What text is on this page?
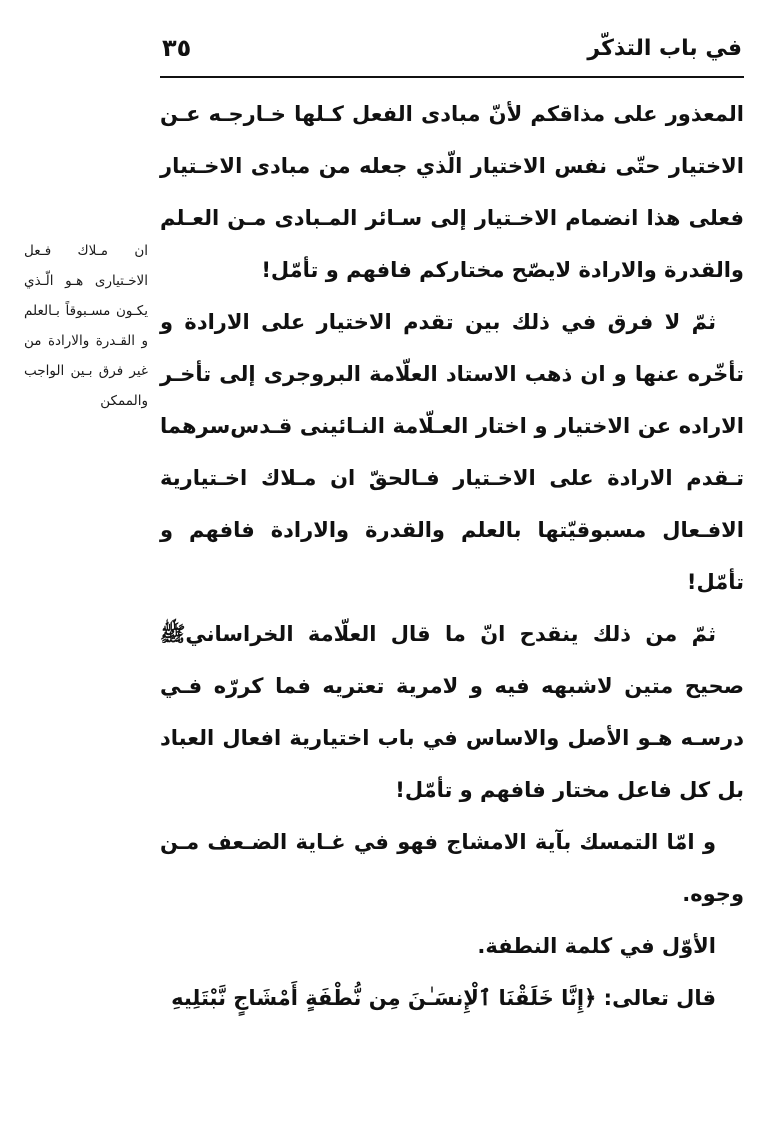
في باب التذكّر
٣٥
ان مـلاك فـعل الاخـتياری هـو الّـذي يكـون مسـبوقاً بـالعلم و القـدرة والارادة من غير فرق بـين الواجب والممكن

المعذور على مذاقكم لأنّ مبادى الفعل كـلها خـارجـه عـن الاختيار حتّى نفس الاختيار الّذي جعله من مبادى الاخـتيار فعلى هذا انضمام الاخـتيار إلى سـائر المـبادى مـن العـلم والقدرة والارادة لايصّح مختاركم فافهم و تأمّل!

ثمّ لا فرق في ذلك بين تقدم الاختيار على الارادة و تأخّره عنها و ان ذهب الاستاد العلّامة البروجرى إلى تأخـر الاراده عن الاختيار و اختار العـلّامة النـائينى قـدس‌سرهما تـقدم الارادة على الاخـتيار فـالحقّ ان مـلاك اخـتيارية الافـعال مسبوقيّتها بالعلم والقدرة والارادة فافهم و تأمّل!

ثمّ من ذلك ينقدح انّ ما قال العلّامة الخراساني‌ﷺ صحيح متين لاشبهه فيه و لامرية تعتريه فما كررّه فـي درسـه هـو الأصل والاساس في باب اختيارية افعال العباد بل كل فاعل مختار فافهم و تأمّل!

و امّا التمسك بآية الامشاج فهو في غـاية الضـعف مـن وجوه.

الأوّل في كلمة النطفة.

قال تعالى: ﴿إِنَّا خَلَقْنَا ٱلْإِنسَـٰنَ مِن نُّطْفَةٍ أَمْشَاجٍ نَّبْتَلِيهِ
